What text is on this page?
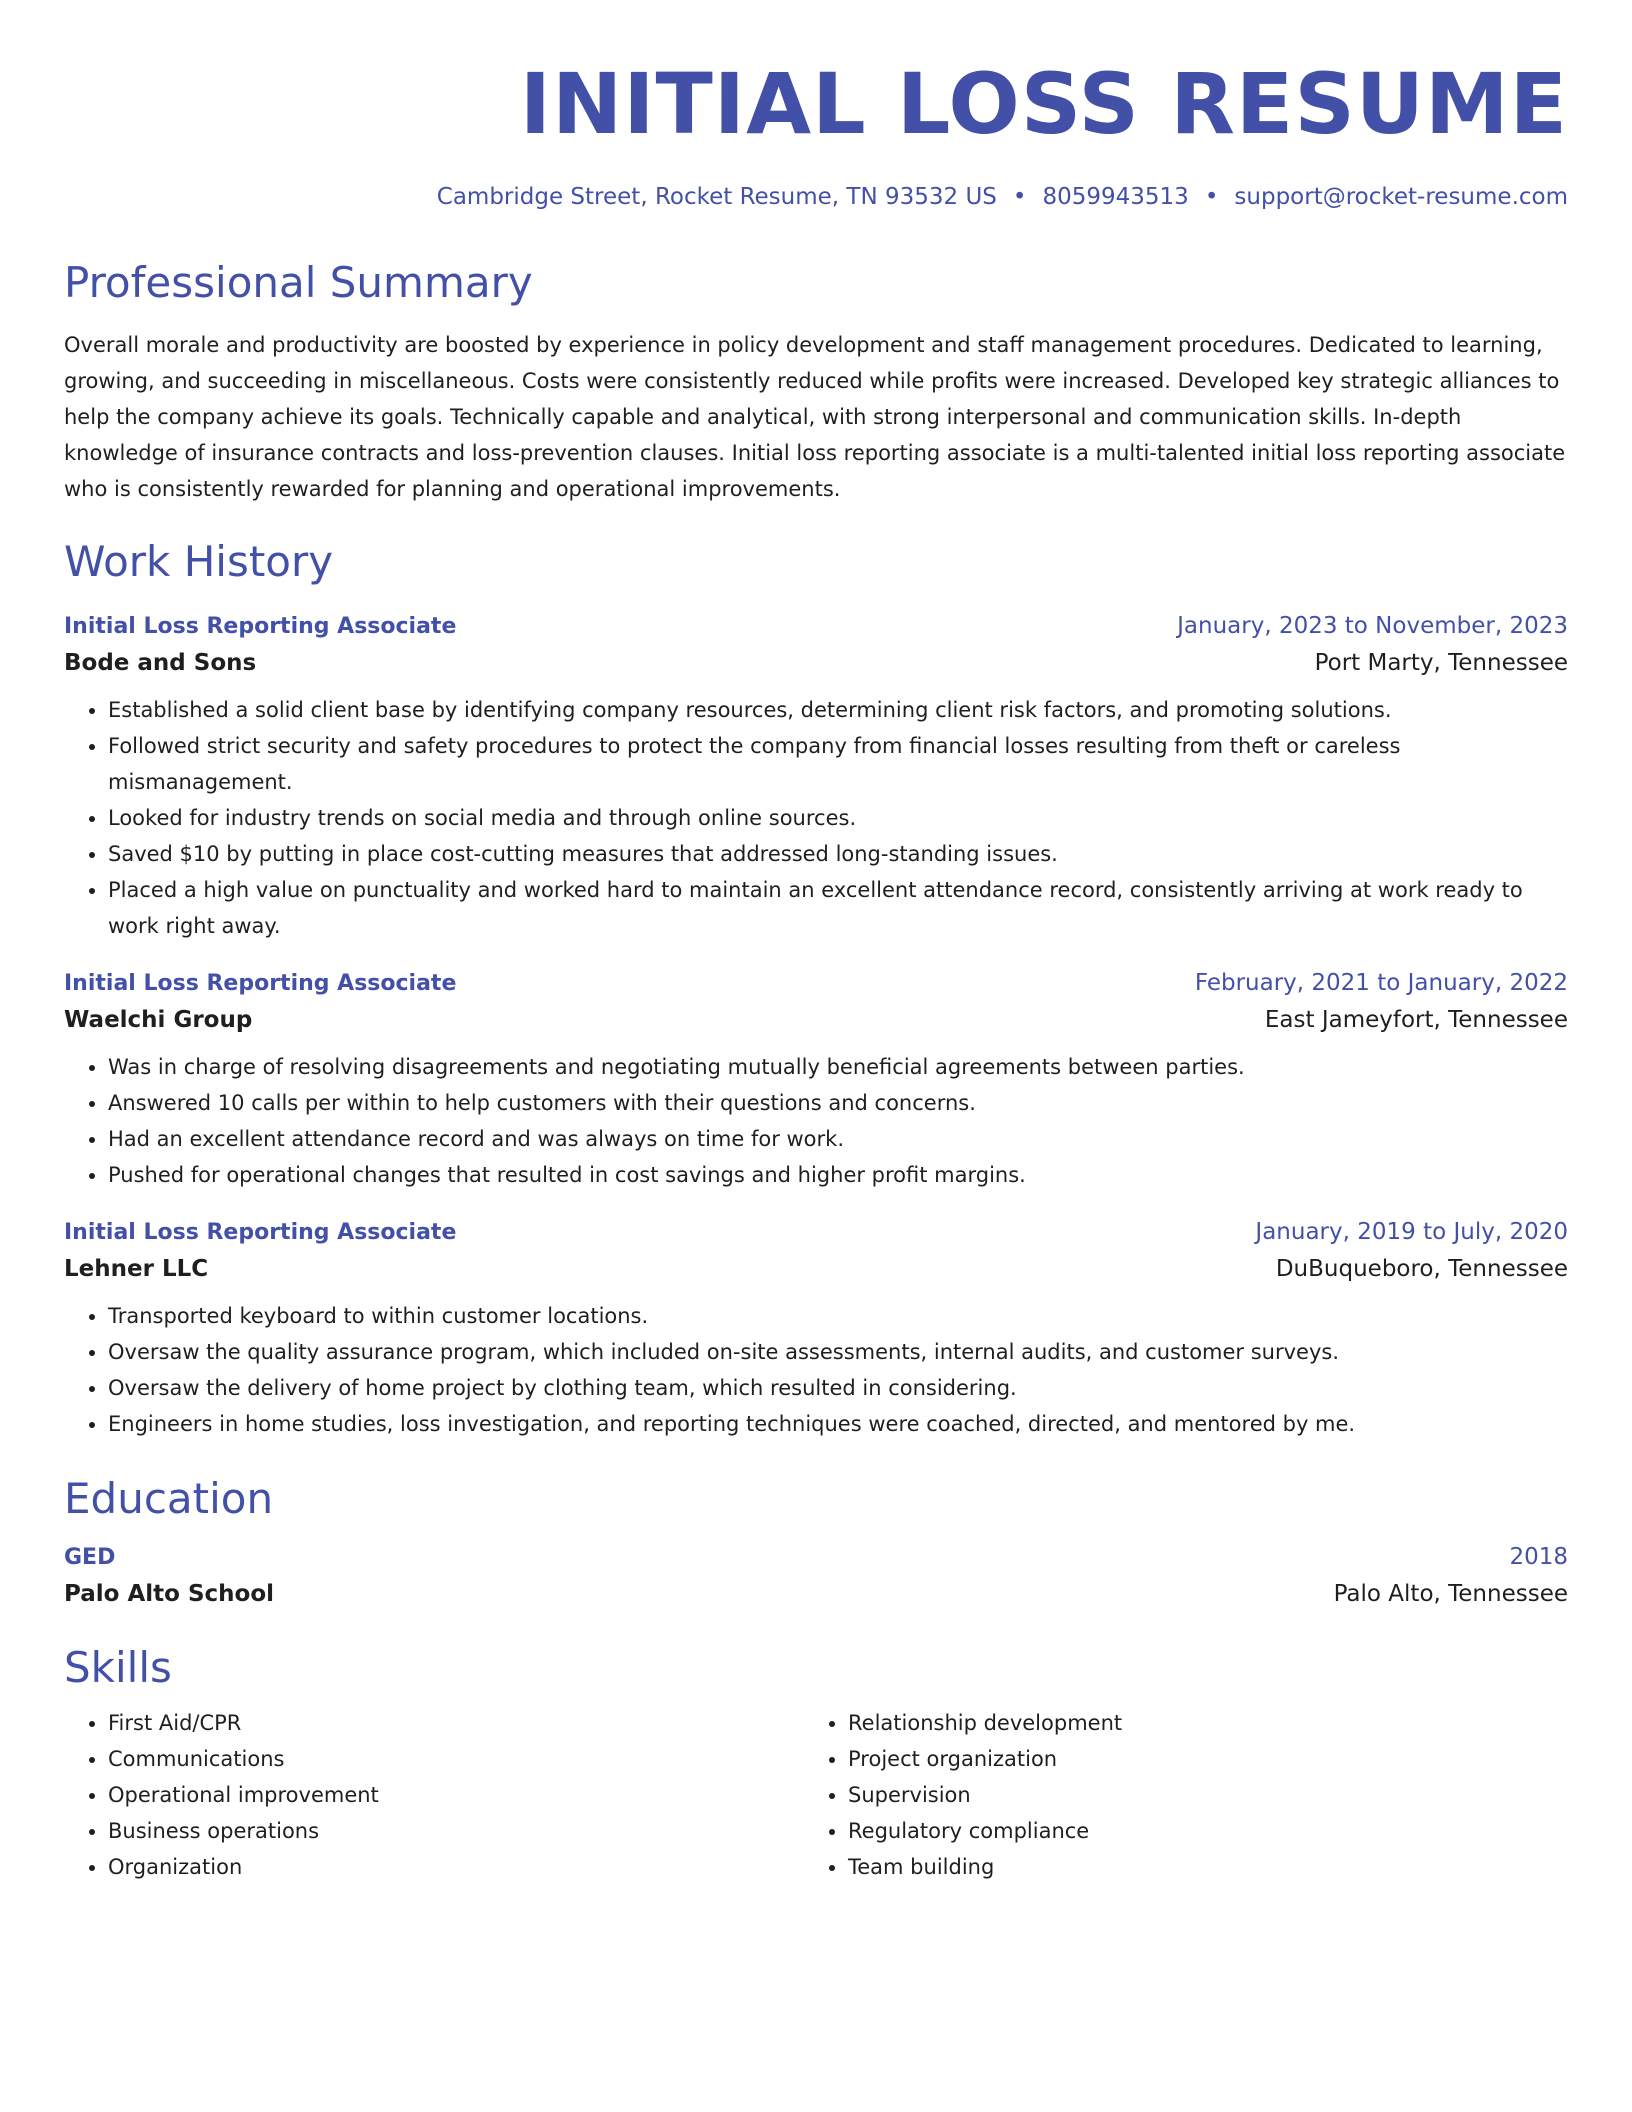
INITIAL LOSS RESUME
Cambridge Street, Rocket Resume, TN 93532 US • 8059943513 • support@rocket-resume.com
Professional Summary
Overall morale and productivity are boosted by experience in policy development and staff management procedures. Dedicated to learning, growing, and succeeding in miscellaneous. Costs were consistently reduced while profits were increased. Developed key strategic alliances to help the company achieve its goals. Technically capable and analytical, with strong interpersonal and communication skills. In-depth knowledge of insurance contracts and loss-prevention clauses. Initial loss reporting associate is a multi-talented initial loss reporting associate who is consistently rewarded for planning and operational improvements.
Work History
Initial Loss Reporting Associate	January, 2023 to November, 2023
Bode and Sons	Port Marty, Tennessee
• Established a solid client base by identifying company resources, determining client risk factors, and promoting solutions.
• Followed strict security and safety procedures to protect the company from financial losses resulting from theft or careless mismanagement.
• Looked for industry trends on social media and through online sources.
• Saved $10 by putting in place cost-cutting measures that addressed long-standing issues.
• Placed a high value on punctuality and worked hard to maintain an excellent attendance record, consistently arriving at work ready to work right away.
Initial Loss Reporting Associate	February, 2021 to January, 2022
Waelchi Group	East Jameyfort, Tennessee
• Was in charge of resolving disagreements and negotiating mutually beneficial agreements between parties.
• Answered 10 calls per within to help customers with their questions and concerns.
• Had an excellent attendance record and was always on time for work.
• Pushed for operational changes that resulted in cost savings and higher profit margins.
Initial Loss Reporting Associate	January, 2019 to July, 2020
Lehner LLC	DuBuqueboro, Tennessee
• Transported keyboard to within customer locations.
• Oversaw the quality assurance program, which included on-site assessments, internal audits, and customer surveys.
• Oversaw the delivery of home project by clothing team, which resulted in considering.
• Engineers in home studies, loss investigation, and reporting techniques were coached, directed, and mentored by me.
Education
GED	2018
Palo Alto School	Palo Alto, Tennessee
Skills
• First Aid/CPR
• Communications
• Operational improvement
• Business operations
• Organization
• Relationship development
• Project organization
• Supervision
• Regulatory compliance
• Team building
